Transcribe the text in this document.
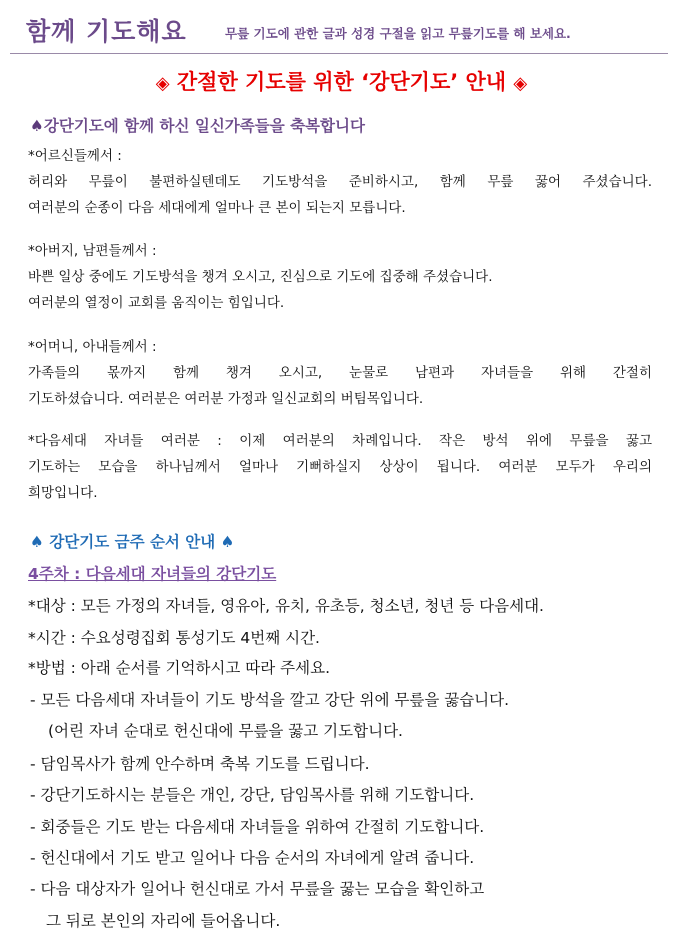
함께 기도해요	무릎 기도에 관한 글과 성경 구절을 읽고 무릎기도를 해 보세요.
◈ 간절한 기도를 위한 ‘강단기도’ 안내 ◈
♠강단기도에 함께 하신 일신가족들을 축복합니다

*어르신들께서 :

허리와 무릎이 불편하실텐데도 기도방석을 준비하시고, 함께 무릎 꿇어 주셨습니다.

여러분의 순종이 다음 세대에게 얼마나 큰 본이 되는지 모릅니다.

*아버지, 남편들께서 :

바쁜 일상 중에도 기도방석을 챙겨 오시고, 진심으로 기도에 집중해 주셨습니다.

여러분의 열정이 교회를 움직이는 힘입니다.

*어머니, 아내들께서 :

가족들의 몫까지 함께 챙겨 오시고, 눈물로 남편과 자녀들을 위해 간절히

기도하셨습니다. 여러분은 여러분 가정과 일신교회의 버팀목입니다.

*다음세대 자녀들 여러분 : 이제 여러분의 차례입니다. 작은 방석 위에 무릎을 꿇고

기도하는 모습을 하나님께서 얼마나 기뻐하실지 상상이 됩니다. 여러분 모두가 우리의

희망입니다.

♠ 강단기도 금주 순서 안내 ♠
4주차 : 다음세대 자녀들의 강단기도
*대상 : 모든 가정의 자녀들, 영유아, 유치, 유초등, 청소년, 청년 등 다음세대.
*시간 : 수요성령집회 통성기도 4번째 시간.
*방법 : 아래 순서를 기억하시고 따라 주세요.
- 모든 다음세대 자녀들이 기도 방석을 깔고 강단 위에 무릎을 꿇습니다.
(어린 자녀 순대로 헌신대에 무릎을 꿇고 기도합니다.
- 담임목사가 함께 안수하며 축복 기도를 드립니다.
- 강단기도하시는 분들은 개인, 강단, 담임목사를 위해 기도합니다.
- 회중들은 기도 받는 다음세대 자녀들을 위하여 간절히 기도합니다.
- 헌신대에서 기도 받고 일어나 다음 순서의 자녀에게 알려 줍니다.
- 다음 대상자가 일어나 헌신대로 가서 무릎을 꿇는 모습을 확인하고
그 뒤로 본인의 자리에 들어옵니다.
